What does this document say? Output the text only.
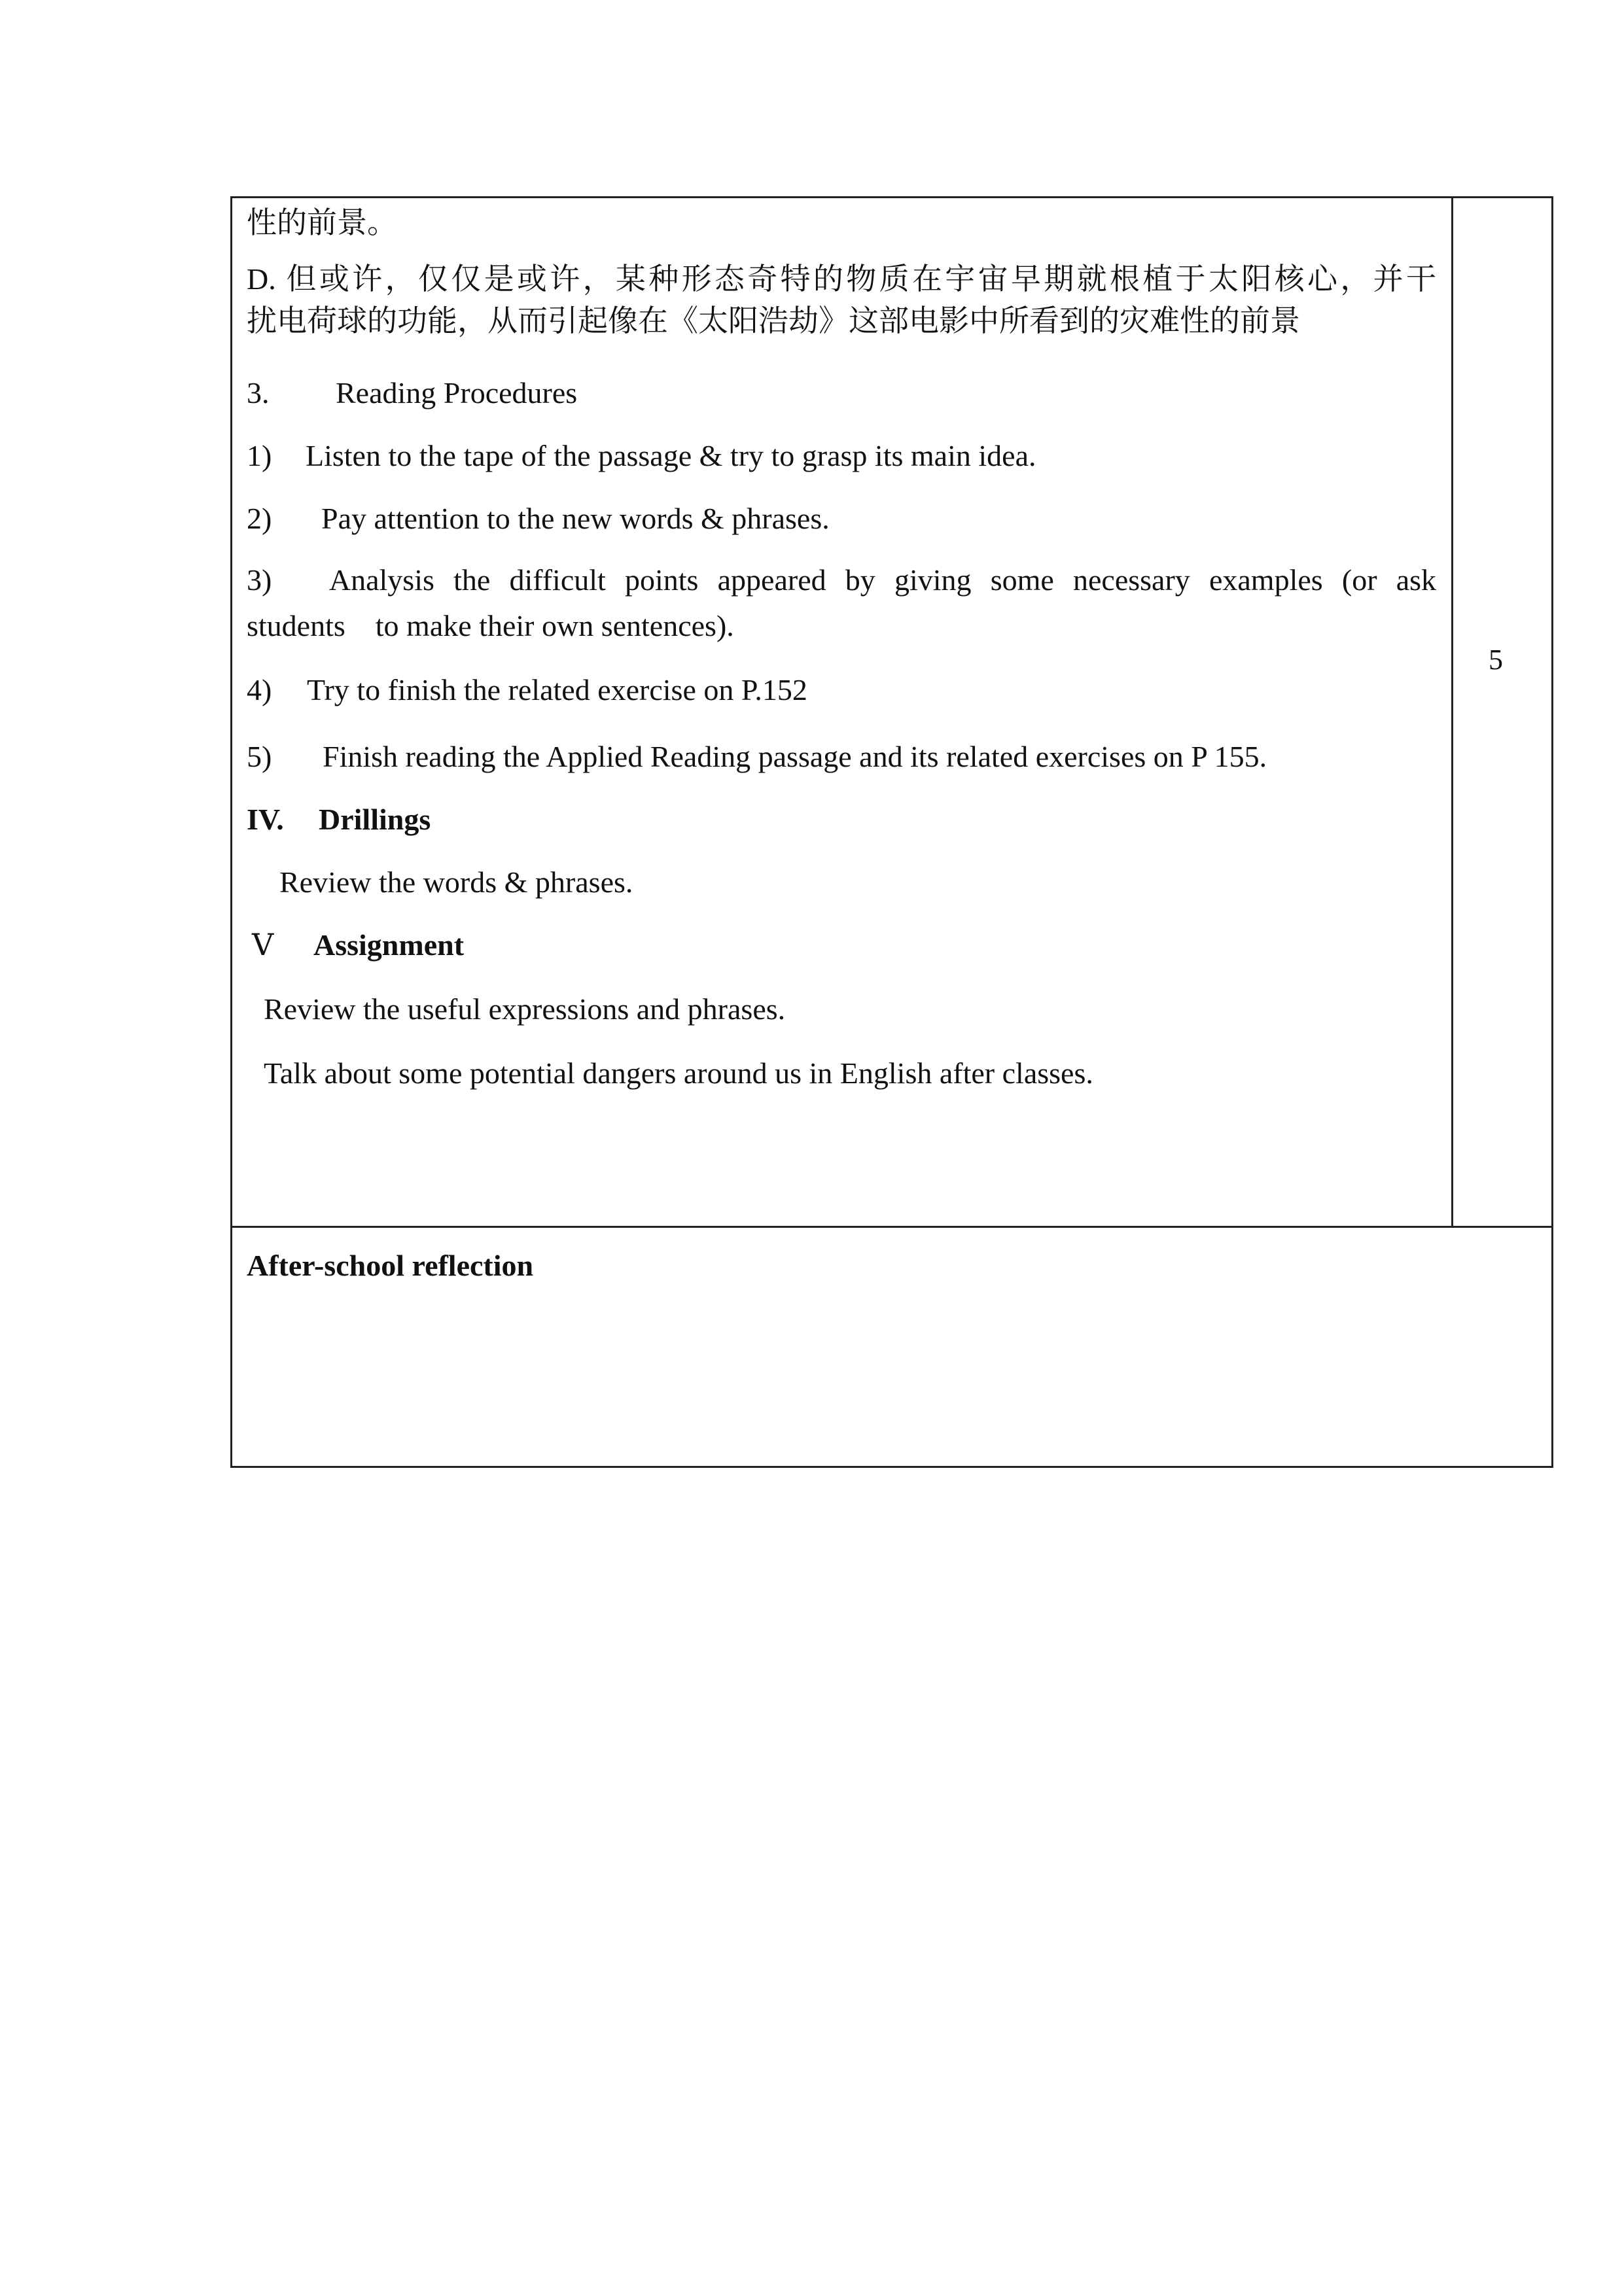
性的前景。
D. 但或许，仅仅是或许，某种形态奇特的物质在宇宙早期就根植于太阳核心，并干
扰电荷球的功能，从而引起像在《太阳浩劫》这部电影中所看到的灾难性的前景
3. Reading Procedures
1) Listen to the tape of the passage & try to grasp its main idea.
2) Pay attention to the new words & phrases.
3) Analysis the difficult points appeared by giving some necessary examples (or ask
students    to make their own sentences).
4) Try to finish the related exercise on P.152
5) Finish reading the Applied Reading passage and its related exercises on P 155.
IV. Drillings
Review the words & phrases.
Ⅴ Assignment
Review the useful expressions and phrases.
Talk about some potential dangers around us in English after classes.
5
After-school reflection
